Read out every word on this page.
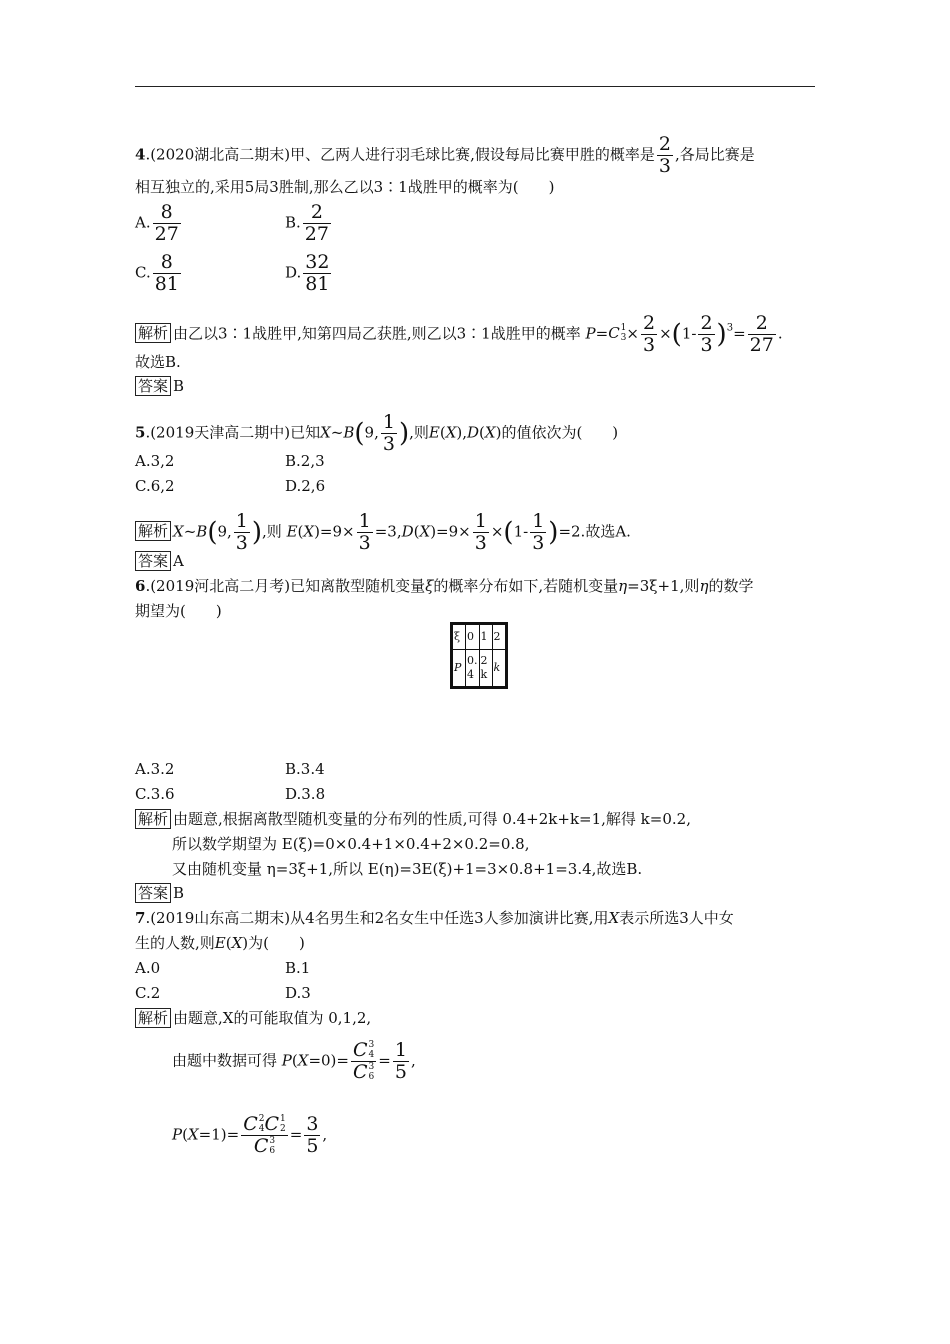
4.(2020湖北高二期末)甲、乙两人进行羽毛球比赛,假设每局比赛甲胜的概率是 $\frac{2}{3}$ ,各局比赛是
相互独立的,采用5局3胜制,那么乙以3∶1战胜甲的概率为(　　)
A. $\frac{8}{27}$	B. $\frac{2}{27}$
C. $\frac{8}{81}$	D. $\frac{32}{81}$
解析 由乙以3∶1战胜甲,知第四局乙获胜,则乙以3∶1战胜甲的概率 P= C 1
$3 \times \frac{2}{3} \times(1- \frac{2}{3} )^3= \frac{2}{27}$ .
故选B.
答案 B
5.(2019天津高二期中)已知X~B(9, $\frac{1}{3}$ ),则E(X),D(X)的值依次为(　　)
A.3,2	B.2,3
C.6,2	D.2,6
解析 X~B(9, $\frac{1}{3}$ ),则 $E(X)=9\times \frac{1}{3} =3,D(X)=9\times \frac{1}{3} \times(1- \frac{1}{3} )=2$.故选A.
答案 A
6.(2019河北高二月考)已知离散型随机变量ξ的概率分布如下,若随机变量η=3ξ+1,则η的数学
期望为(　　)
ξ	0	1	2
P	0.4	2k	k
A.3.2	B.3.4
C.3.6	D.3.8
解析 由题意,根据离散型随机变量的分布列的性质,可得 0.4+2k+k=1,解得 k=0.2,
所以数学期望为 E(ξ)=0×0.4+1×0.4+2×0.2=0.8,
又由随机变量 η=3ξ+1,所以 E(η)=3E(ξ)+1=3×0.8+1=3.4,故选B.
答案 B
7.(2019山东高二期末)从4名男生和2名女生中任选3人参加演讲比赛,用X表示所选3人中女
生的人数,则E(X)为(　　)
A.0	B.1
C.2	D.3
解析 由题意,X的可能取值为 0,1,2,
由题中数据可得 P(X=0)= C 3
4
C 3
$6 = \frac{1}{5}$ ,
P(X=1)= C 2
4 C 1
2
C 3
$6 = \frac{3}{5}$ ,
